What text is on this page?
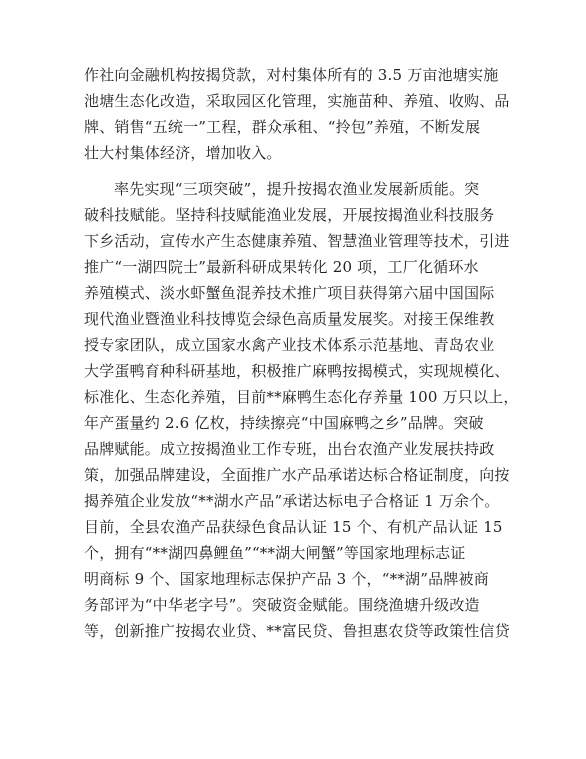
作社向金融机构按揭贷款，对村集体所有的 3.5 万亩池塘实施
池塘生态化改造，采取园区化管理，实施苗种、养殖、收购、品
牌、销售“五统一”工程，群众承租、“拎包”养殖，不断发展
壮大村集体经济，增加收入。
率先实现“三项突破”，提升按揭农渔业发展新质能。突
破科技赋能。坚持科技赋能渔业发展，开展按揭渔业科技服务
下乡活动，宣传水产生态健康养殖、智慧渔业管理等技术，引进
推广“一湖四院士”最新科研成果转化 20 项，工厂化循环水
养殖模式、淡水虾蟹鱼混养技术推广项目获得第六届中国国际
现代渔业暨渔业科技博览会绿色高质量发展奖。对接王保维教
授专家团队，成立国家水禽产业技术体系示范基地、青岛农业
大学蛋鸭育种科研基地，积极推广麻鸭按揭模式，实现规模化、
标准化、生态化养殖，目前**麻鸭生态化存养量 100 万只以上，
年产蛋量约 2.6 亿枚，持续擦亮“中国麻鸭之乡”品牌。突破
品牌赋能。成立按揭渔业工作专班，出台农渔产业发展扶持政
策，加强品牌建设，全面推广水产品承诺达标合格证制度，向按
揭养殖企业发放“**湖水产品”承诺达标电子合格证 1 万余个。
目前，全县农渔产品获绿色食品认证 15 个、有机产品认证 15
个，拥有“**湖四鼻鲤鱼”“**湖大闸蟹”等国家地理标志证
明商标 9 个、国家地理标志保护产品 3 个，“**湖”品牌被商
务部评为“中华老字号”。突破资金赋能。围绕渔塘升级改造
等，创新推广按揭农业贷、**富民贷、鲁担惠农贷等政策性信贷
